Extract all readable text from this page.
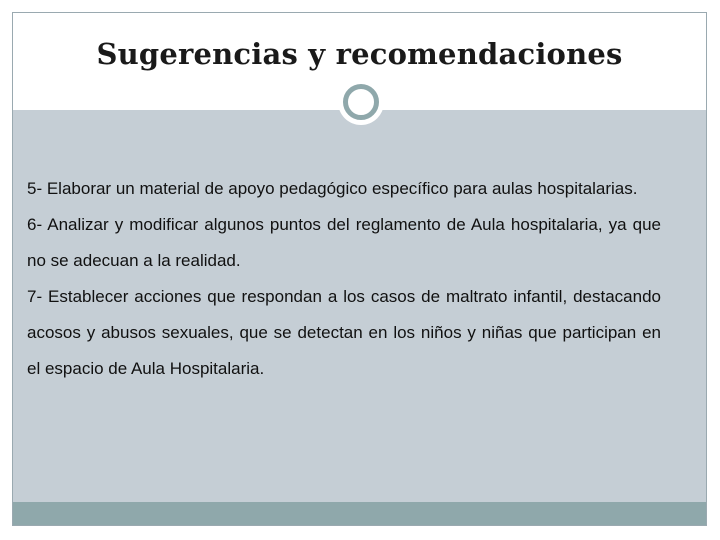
Sugerencias y recomendaciones

5- Elaborar un material de apoyo pedagógico específico para aulas hospitalarias.

6- Analizar y modificar algunos puntos del reglamento de Aula hospitalaria, ya que no se adecuan a la realidad.

7- Establecer acciones que respondan a los casos de maltrato infantil, destacando acosos y abusos sexuales, que se detectan en los niños y niñas que participan en el espacio de Aula Hospitalaria.
